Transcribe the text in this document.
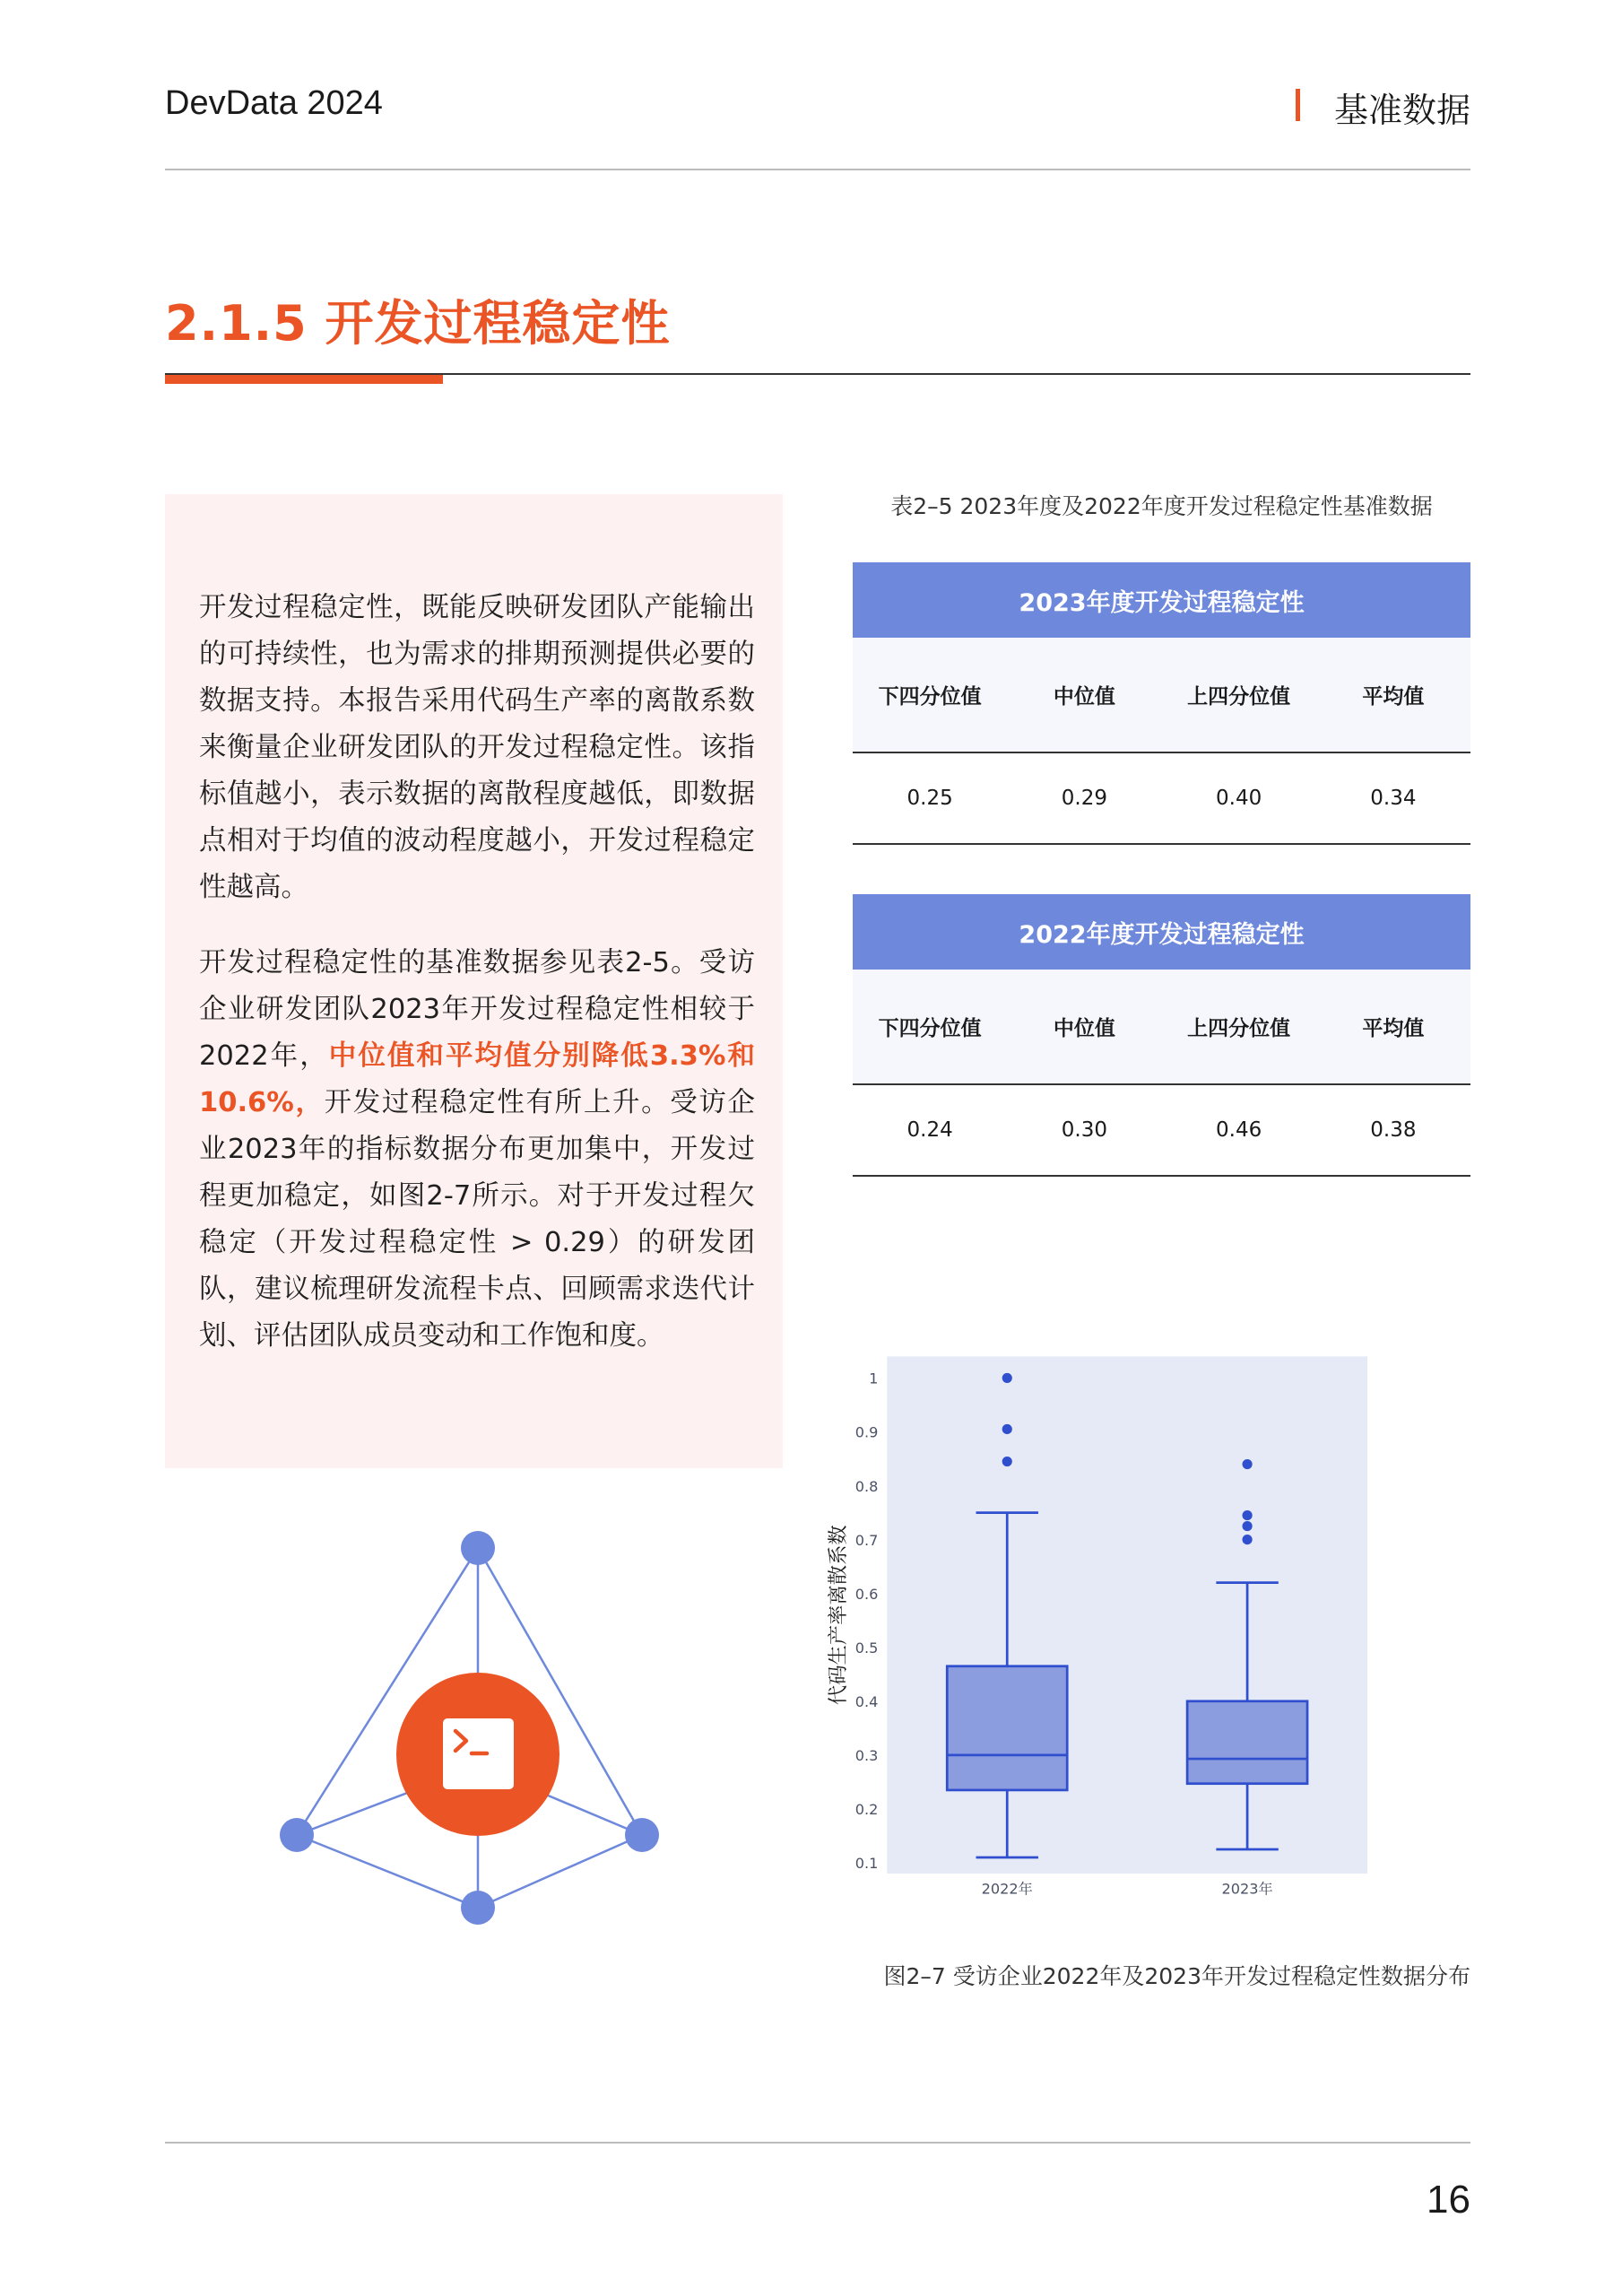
DevData 2024	基准数据
2.1.5 开发过程稳定性
开发过程稳定性，既能反映研发团队产能输出的可持续性，也为需求的排期预测提供必要的数据支持。本报告采用代码生产率的离散系数来衡量企业研发团队的开发过程稳定性。该指标值越小，表示数据的离散程度越低，即数据点相对于均值的波动程度越小，开发过程稳定性越高。
开发过程稳定性的基准数据参见表2-5。受访企业研发团队2023年开发过程稳定性相较于2022年，中位值和平均值分别降低3.3%和10.6%，开发过程稳定性有所上升。受访企业2023年的指标数据分布更加集中，开发过程更加稳定，如图2-7所示。对于开发过程欠稳定（开发过程稳定性 > 0.29）的研发团队，建议梳理研发流程卡点、回顾需求迭代计划、评估团队成员变动和工作饱和度。
表2–5 2023年度及2022年度开发过程稳定性基准数据
2023年度开发过程稳定性
下四分位值	中位值	上四分位值	平均值
0.25	0.29	0.40	0.34
2022年度开发过程稳定性
下四分位值	中位值	上四分位值	平均值
0.24	0.30	0.46	0.38
0.1
0.2
0.3
0.4
0.5
0.6
0.7
0.8
0.9
1
代码生产率离散系数
2022年	2023年
图2–7 受访企业2022年及2023年开发过程稳定性数据分布
16
